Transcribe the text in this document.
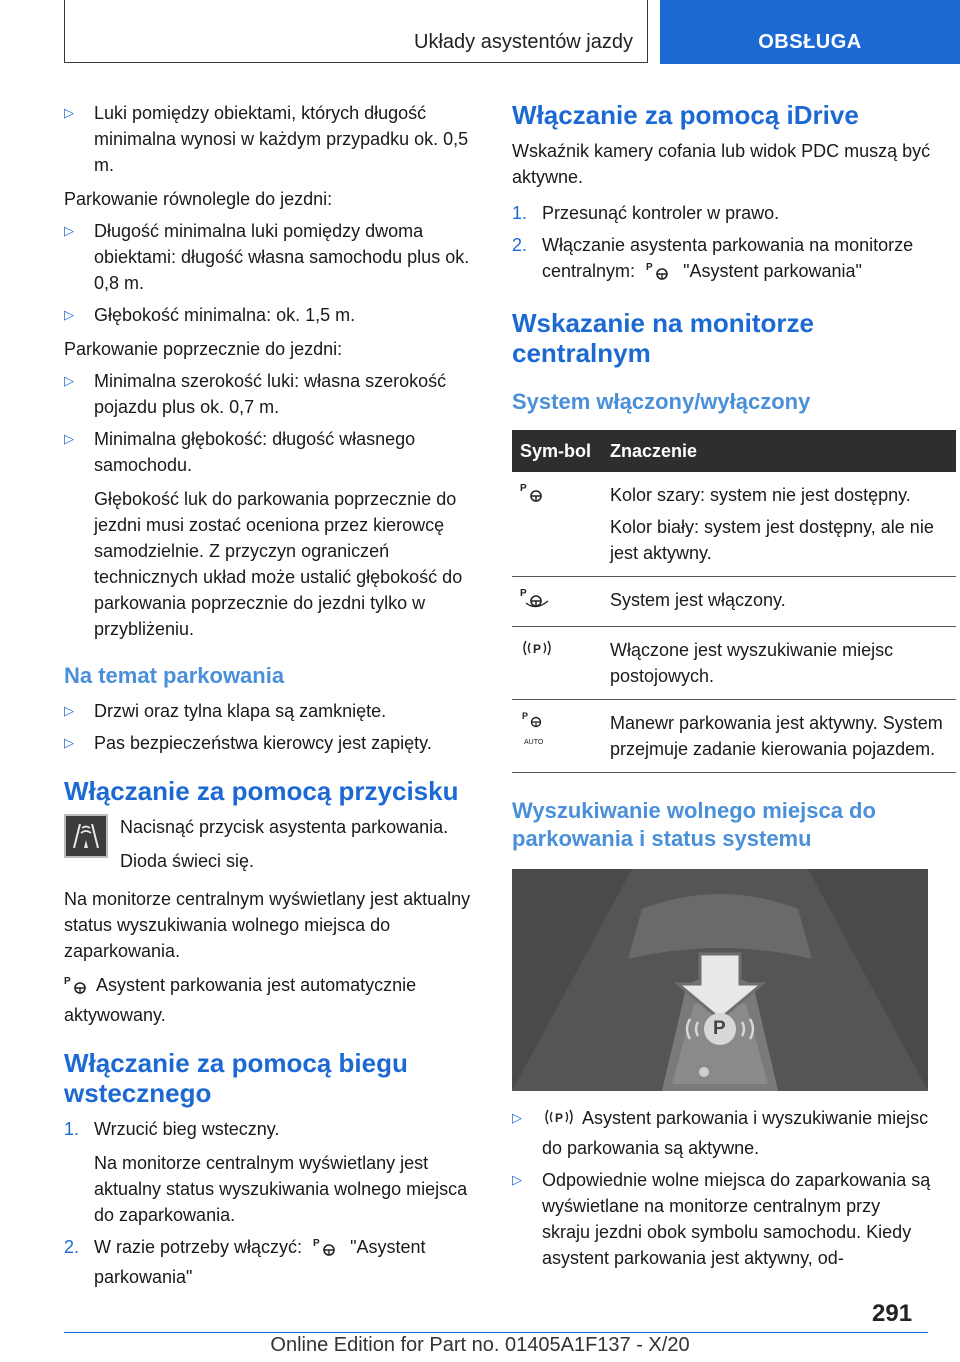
Układy asystentów jazdy	OBSŁUGA
▷	Luki pomiędzy obiektami, których długość minimalna wynosi w każdym przypadku ok. 0,5 m.

Parkowanie równolegle do jezdni:

▷	Długość minimalna luki pomiędzy dwoma obiektami: długość własna samochodu plus ok. 0,8 m.
▷	Głębokość minimalna: ok. 1,5 m.

Parkowanie poprzecznie do jezdni:

▷	Minimalna szerokość luki: własna szerokość pojazdu plus ok. 0,7 m.
▷	Minimalna głębokość: długość własnego samochodu.

Głębokość luk do parkowania poprzecznie do jezdni musi zostać oceniona przez kierowcę samodzielnie. Z przyczyn ograniczeń technicznych układ może ustalić głębokość do parkowania poprzecznie do jezdni tylko w przybliżeniu.

Na temat parkowania
▷	Drzwi oraz tylna klapa są zamknięte.
▷	Pas bezpieczeństwa kierowcy jest zapięty.
Włączanie za pomocą przycisku

Nacisnąć przycisk asystenta parkowania.

Dioda świeci się.

Na monitorze centralnym wyświetlany jest aktualny status wyszukiwania wolnego miejsca do zaparkowania.

P Asystent parkowania jest automatycznie aktywowany.

Włączanie za pomocą biegu wstecznego
1. Wrzucić bieg wsteczny.

Na monitorze centralnym wyświetlany jest aktualny status wyszukiwania wolnego miejsca do zaparkowania.

2. W razie potrzeby włączyć: P "Asystent parkowania"
Włączanie za pomocą iDrive

Wskaźnik kamery cofania lub widok PDC muszą być aktywne.

1. Przesunąć kontroler w prawo.
2. Włączanie asystenta parkowania na monitorze centralnym: P "Asystent parkowania"
Wskazanie na monitorze centralnym
System włączony/wyłączony
Sym-bol	Znaczenie

P	Kolor szary: system nie jest dostępny.

Kolor biały: system jest dostępny, ale nie jest aktywny.

P	System jest włączony.

P	Włączone jest wyszukiwanie miejsc postojowych.

P
AUTO	Manewr parkowania jest aktywny. System przejmuje zadanie kierowania pojazdem.
Wyszukiwanie wolnego miejsca do parkowania i status systemu
P
▷	P Asystent parkowania i wyszukiwanie miejsc do parkowania są aktywne.
▷	Odpowiednie wolne miejsca do zaparkowania są wyświetlane na monitorze centralnym przy skraju jezdni obok symbolu samochodu. Kiedy asystent parkowania jest aktywny, od-
291
Online Edition for Part no. 01405A1F137 - X/20
